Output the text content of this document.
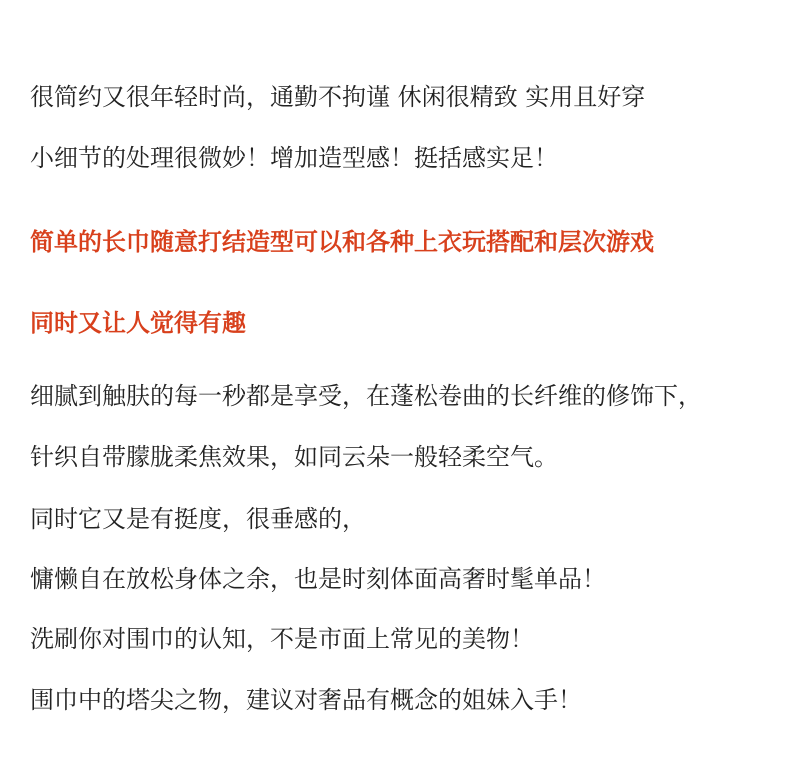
很简约又很年轻时尚，通勤不拘谨 休闲很精致 实用且好穿
小细节的处理很微妙！增加造型感！挺括感实足！
简单的长巾随意打结造型可以和各种上衣玩搭配和层次游戏
同时又让人觉得有趣
细腻到触肤的每一秒都是享受，在蓬松卷曲的长纤维的修饰下，
针织自带朦胧柔焦效果，如同云朵一般轻柔空气。
同时它又是有挺度，很垂感的，
慵懒自在放松身体之余，也是时刻体面高奢时髦单品！
洗刷你对围巾的认知，不是市面上常见的美物！
围巾中的塔尖之物，建议对奢品有概念的姐妹入手！
